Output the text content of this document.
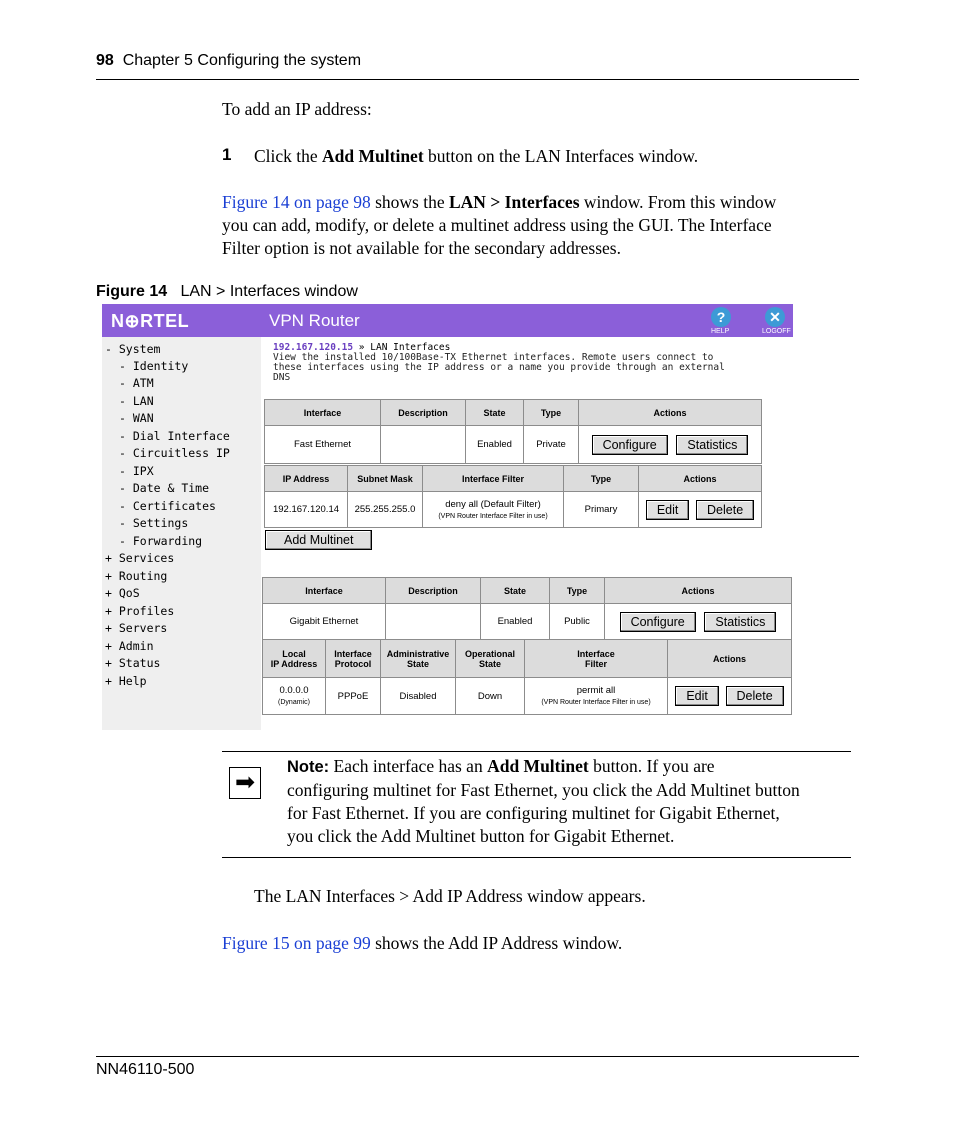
98 Chapter 5 Configuring the system
To add an IP address:
1 Click the Add Multinet button on the LAN Interfaces window.
Figure 14 on page 98 shows the LAN > Interfaces window. From this window
you can add, modify, or delete a multinet address using the GUI. The Interface
Filter option is not available for the secondary addresses.
Figure 14 LAN > Interfaces window
N⊕RTEL	VPN Router	?
HELP
✕
LOGOFF
- System
- Identity
- ATM
- LAN
- WAN
- Dial Interface
- Circuitless IP
- IPX
- Date & Time
- Certificates
- Settings
- Forwarding
+ Services
+ Routing
+ QoS
+ Profiles
+ Servers
+ Admin
+ Status
+ Help
192.167.120.15 » LAN Interfaces
View the installed 10/100Base-TX Ethernet interfaces. Remote users connect to
these interfaces using the IP address or a name you provide through an external
DNS
Interface	Description	State	Type	Actions
Fast Ethernet		Enabled	Private	Configure Statistics
IP Address	Subnet Mask	Interface Filter	Type	Actions
192.167.120.14	255.255.255.0	deny all (Default Filter)
(VPN Router Interface Filter in use)	Primary	Edit Delete
Add Multinet
Interface	Description	State	Type	Actions
Gigabit Ethernet		Enabled	Public	Configure Statistics
Local
IP Address	Interface
Protocol	Administrative
State	Operational
State	Interface
Filter	Actions
0.0.0.0
(Dynamic)	PPPoE	Disabled	Down	permit all
(VPN Router Interface Filter in use)	Edit Delete
➡
Note: Each interface has an Add Multinet button. If you are
configuring multinet for Fast Ethernet, you click the Add Multinet button
for Fast Ethernet. If you are configuring multinet for Gigabit Ethernet,
you click the Add Multinet button for Gigabit Ethernet.
The LAN Interfaces > Add IP Address window appears.
Figure 15 on page 99 shows the Add IP Address window.
NN46110-500
